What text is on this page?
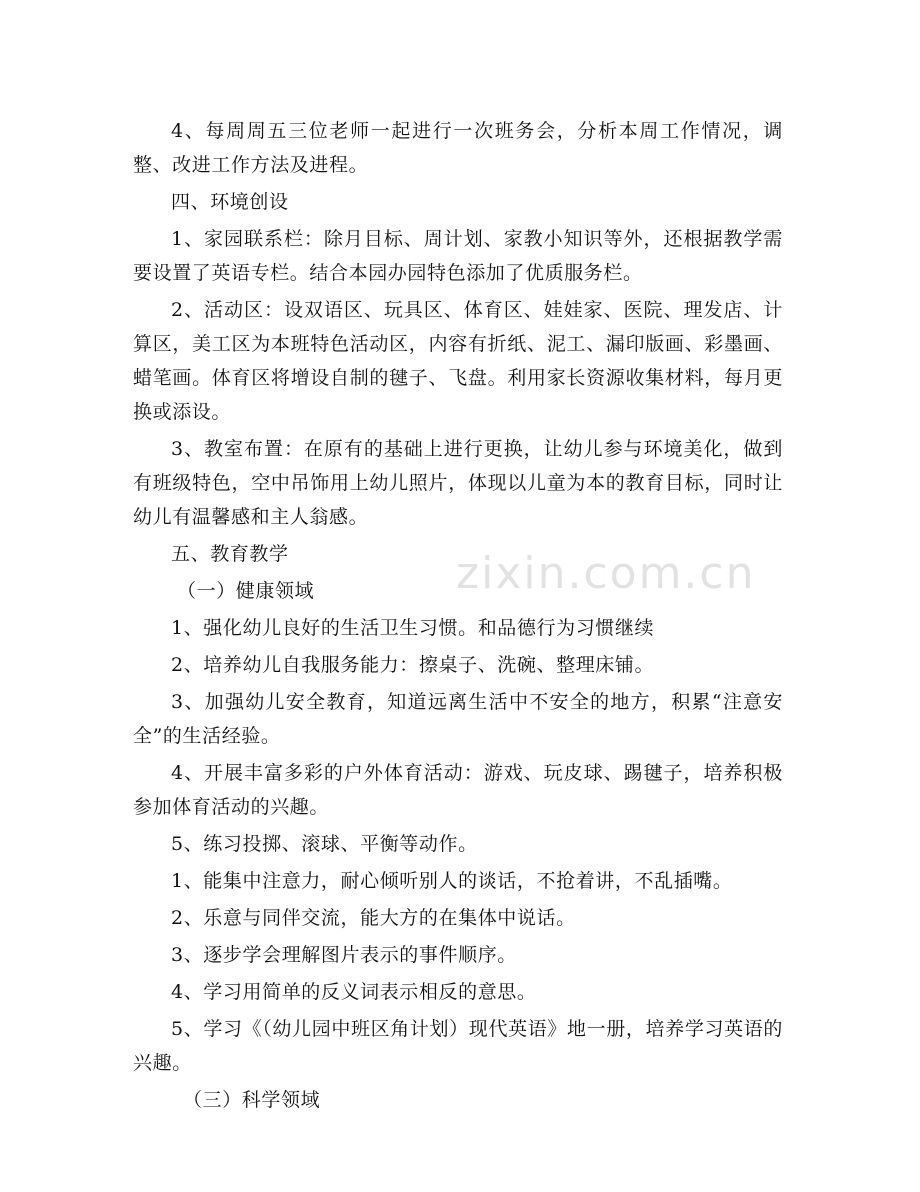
zixin.com.cn

4、每周周五三位老师一起进行一次班务会，分析本周工作情况，调整、改进工作方法及进程。

四、环境创设

1、家园联系栏：除月目标、周计划、家教小知识等外，还根据教学需要设置了英语专栏。结合本园办园特色添加了优质服务栏。

2、活动区：设双语区、玩具区、体育区、娃娃家、医院、理发店、计算区，美工区为本班特色活动区，内容有折纸、泥工、漏印版画、彩墨画、蜡笔画。体育区将增设自制的毽子、飞盘。利用家长资源收集材料，每月更换或添设。

3、教室布置：在原有的基础上进行更换，让幼儿参与环境美化，做到有班级特色，空中吊饰用上幼儿照片，体现以儿童为本的教育目标，同时让幼儿有温馨感和主人翁感。

五、教育教学

（一）健康领域

1、强化幼儿良好的生活卫生习惯。和品德行为习惯继续

2、培养幼儿自我服务能力：擦桌子、洗碗、整理床铺。

3、加强幼儿安全教育，知道远离生活中不安全的地方，积累“注意安全”的生活经验。

4、开展丰富多彩的户外体育活动：游戏、玩皮球、踢毽子，培养积极参加体育活动的兴趣。

5、练习投掷、滚球、平衡等动作。

1、能集中注意力，耐心倾听别人的谈话，不抢着讲，不乱插嘴。

2、乐意与同伴交流，能大方的在集体中说话。

3、逐步学会理解图片表示的事件顺序。

4、学习用简单的反义词表示相反的意思。

5、学习《（幼儿园中班区角计划）现代英语》地一册，培养学习英语的兴趣。

（三）科学领域
